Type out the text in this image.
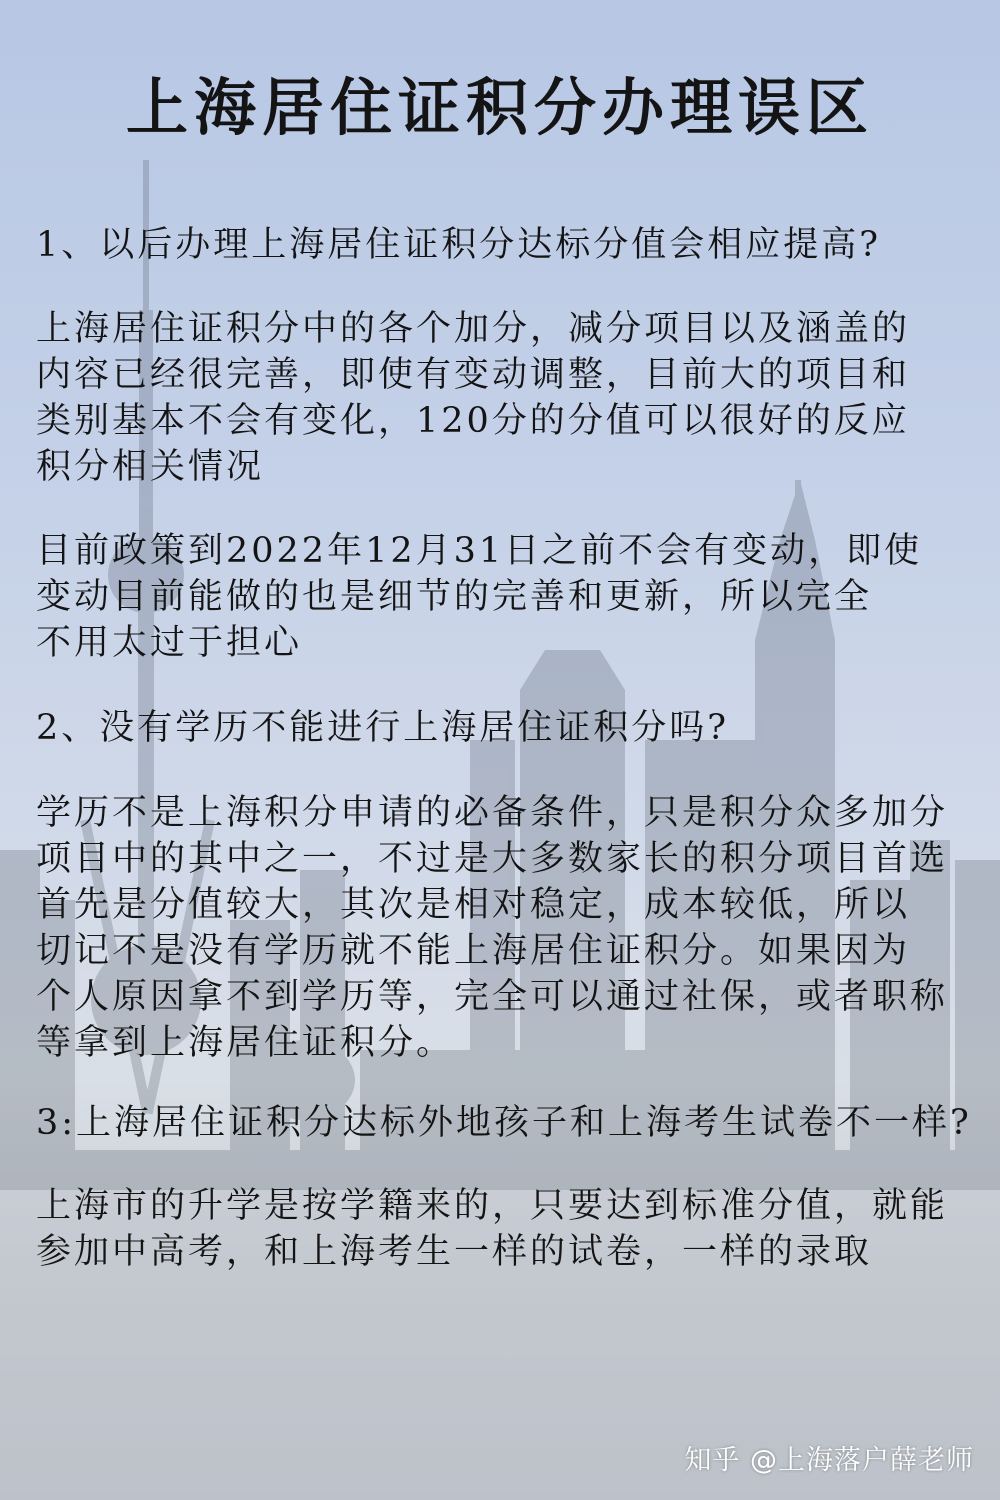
上海居住证积分办理误区

1、以后办理上海居住证积分达标分值会相应提高?

上海居住证积分中的各个加分，减分项目以及涵盖的
内容已经很完善，即使有变动调整，目前大的项目和
类别基本不会有变化，120分的分值可以很好的反应
积分相关情况

目前政策到2022年12月31日之前不会有变动，即使
变动目前能做的也是细节的完善和更新，所以完全
不用太过于担心

2、没有学历不能进行上海居住证积分吗?

学历不是上海积分申请的必备条件，只是积分众多加分
项目中的其中之一，不过是大多数家长的积分项目首选
首先是分值较大，其次是相对稳定，成本较低，所以
切记不是没有学历就不能上海居住证积分。如果因为
个人原因拿不到学历等，完全可以通过社保，或者职称
等拿到上海居住证积分。

3:上海居住证积分达标外地孩子和上海考生试卷不一样?

上海市的升学是按学籍来的，只要达到标准分值，就能
参加中高考，和上海考生一样的试卷，一样的录取

知乎 @上海落户薛老师
